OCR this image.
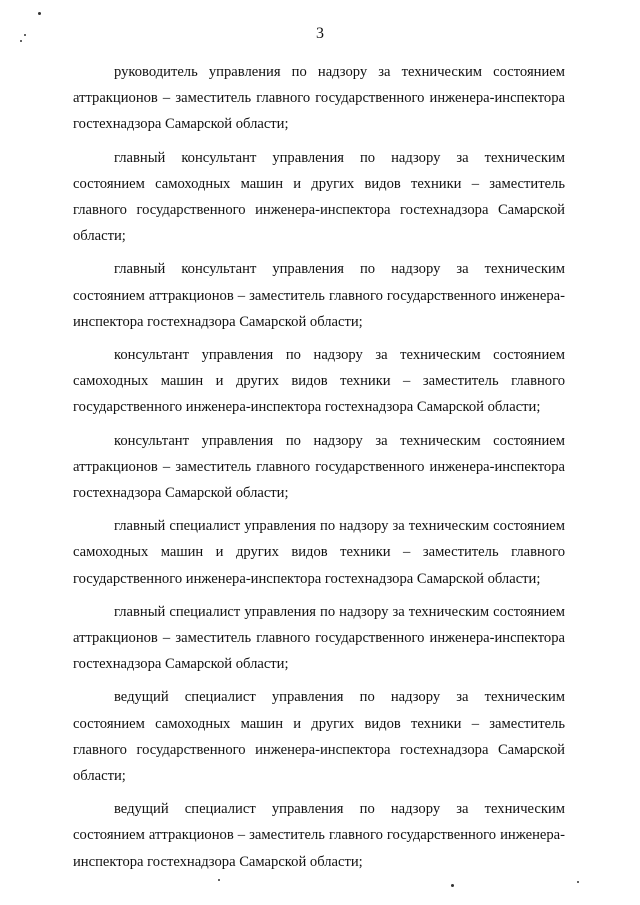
3

руководитель управления по надзору за техническим состоянием аттракционов – заместитель главного государственного инженера-инспектора гостехнадзора Самарской области;

главный консультант управления по надзору за техническим состоянием самоходных машин и других видов техники – заместитель главного государственного инженера-инспектора гостехнадзора Самарской области;

главный консультант управления по надзору за техническим состоянием аттракционов – заместитель главного государственного инженера-инспектора гостехнадзора Самарской области;

консультант управления по надзору за техническим состоянием самоходных машин и других видов техники – заместитель главного государственного инженера-инспектора гостехнадзора Самарской области;

консультант управления по надзору за техническим состоянием аттракционов – заместитель главного государственного инженера-инспектора гостехнадзора Самарской области;

главный специалист управления по надзору за техническим состоянием самоходных машин и других видов техники – заместитель главного государственного инженера-инспектора гостехнадзора Самарской области;

главный специалист управления по надзору за техническим состоянием аттракционов – заместитель главного государственного инженера-инспектора гостехнадзора Самарской области;

ведущий специалист управления по надзору за техническим состоянием самоходных машин и других видов техники – заместитель главного государственного инженера-инспектора гостехнадзора Самарской области;

ведущий специалист управления по надзору за техническим состоянием аттракционов – заместитель главного государственного инженера-инспектора гостехнадзора Самарской области;
